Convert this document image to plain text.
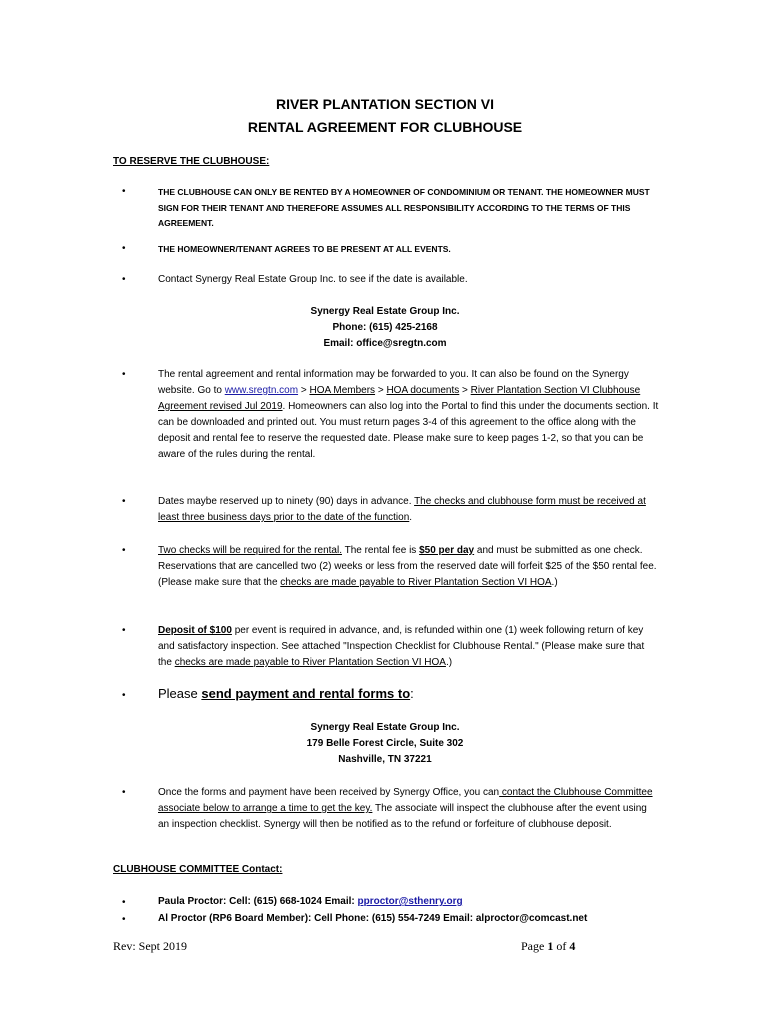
RIVER PLANTATION SECTION VI
RENTAL AGREEMENT FOR CLUBHOUSE
TO RESERVE THE CLUBHOUSE:
•	THE CLUBHOUSE CAN ONLY BE RENTED BY A HOMEOWNER OF CONDOMINIUM OR TENANT. THE HOMEOWNER MUST SIGN FOR THEIR TENANT AND THEREFORE ASSUMES ALL RESPONSIBILITY ACCORDING TO THE TERMS OF THIS AGREEMENT.
•	THE HOMEOWNER/TENANT AGREES TO BE PRESENT AT ALL EVENTS.
•	Contact Synergy Real Estate Group Inc. to see if the date is available.
Synergy Real Estate Group Inc.
Phone: (615) 425-2168
Email: office@sregtn.com
•	The rental agreement and rental information may be forwarded to you. It can also be found on the Synergy website. Go to www.sregtn.com > HOA Members > HOA documents > River Plantation Section VI Clubhouse Agreement revised Jul 2019. Homeowners can also log into the Portal to find this under the documents section. It can be downloaded and printed out. You must return pages 3-4 of this agreement to the office along with the deposit and rental fee to reserve the requested date. Please make sure to keep pages 1-2, so that you can be aware of the rules during the rental.
•	Dates maybe reserved up to ninety (90) days in advance. The checks and clubhouse form must be received at least three business days prior to the date of the function.
•	Two checks will be required for the rental. The rental fee is $50 per day and must be submitted as one check. Reservations that are cancelled two (2) weeks or less from the reserved date will forfeit $25 of the $50 rental fee. (Please make sure that the checks are made payable to River Plantation Section VI HOA.)
•	Deposit of $100 per event is required in advance, and, is refunded within one (1) week following return of key and satisfactory inspection. See attached "Inspection Checklist for Clubhouse Rental." (Please make sure that the checks are made payable to River Plantation Section VI HOA.)
• Please send payment and rental forms to:
Synergy Real Estate Group Inc.
179 Belle Forest Circle, Suite 302
Nashville, TN 37221
•	Once the forms and payment have been received by Synergy Office, you can contact the Clubhouse Committee associate below to arrange a time to get the key. The associate will inspect the clubhouse after the event using an inspection checklist. Synergy will then be notified as to the refund or forfeiture of clubhouse deposit.
CLUBHOUSE COMMITTEE Contact:
•	Paula Proctor: Cell: (615) 668-1024 Email: pproctor@sthenry.org
•	Al Proctor (RP6 Board Member): Cell Phone: (615) 554-7249 Email: alproctor@comcast.net
Rev: Sept 2019	Page 1 of 4
